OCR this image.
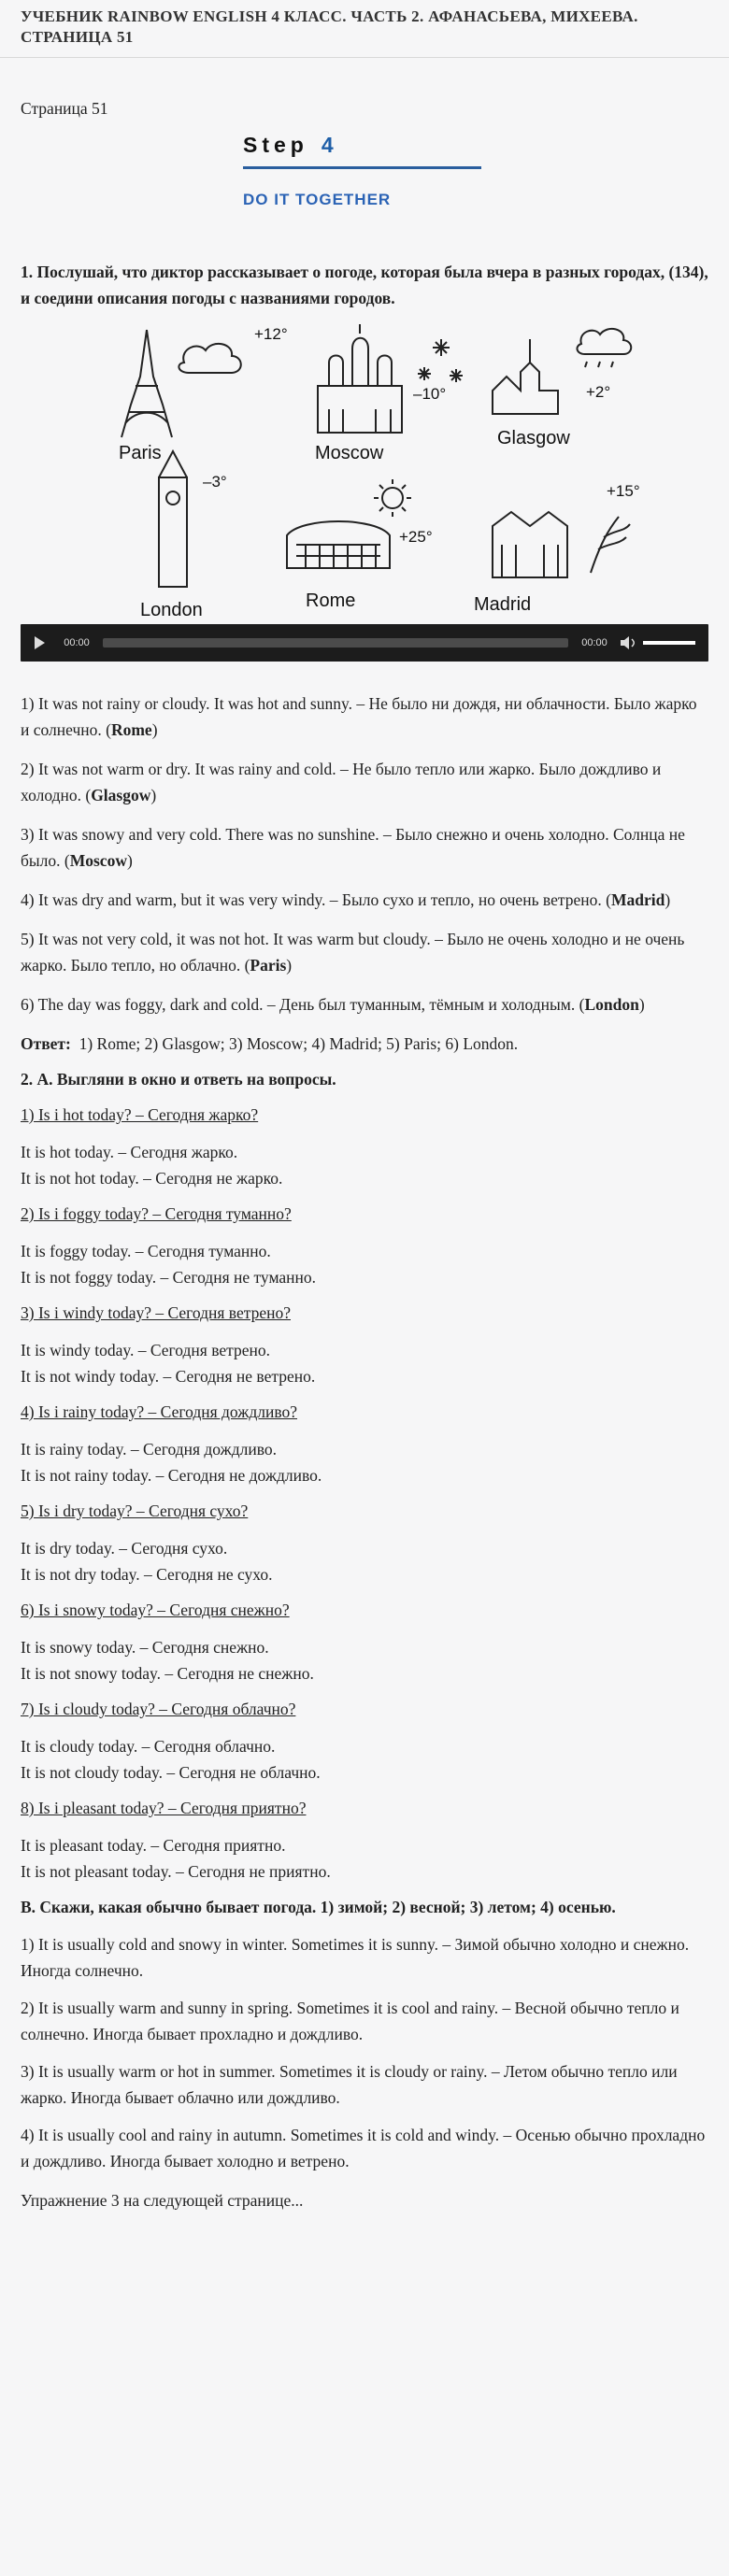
УЧЕБНИК RAINBOW ENGLISH 4 КЛАСС. ЧАСТЬ 2. АФАНАСЬЕВА, МИХЕЕВА. СТРАНИЦА 51

Страница 51

Step 4
DO IT TOGETHER

1. Послушай, что диктор рассказывает о погоде, которая была вчера в разных городах, (134), и соедини описания погоды с названиями городов.

Paris	Moscow
Glasgow
London	Rome	Madrid
+12°
–10°	+2°
–3°
+25°
+15°
00:00	00:00

1) It was not rainy or cloudy. It was hot and sunny. – Не было ни дождя, ни облачности. Было жарко и солнечно. (Rome)

2) It was not warm or dry. It was rainy and cold. – Не было тепло или жарко. Было дождливо и холодно. (Glasgow)

3) It was snowy and very cold. There was no sunshine. – Было снежно и очень холодно. Солнца не было. (Moscow)

4) It was dry and warm, but it was very windy. – Было сухо и тепло, но очень ветрено. (Madrid)

5) It was not very cold, it was not hot. It was warm but cloudy. – Было не очень холодно и не очень жарко. Было тепло, но облачно. (Paris)

6) The day was foggy, dark and cold. – День был туманным, тёмным и холодным. (London)

Ответ: 1) Rome; 2) Glasgow; 3) Moscow; 4) Madrid; 5) Paris; 6) London.

2. А. Выгляни в окно и ответь на вопросы.

1) Is i hot today? – Сегодня жарко?

It is hot today. – Сегодня жарко.

It is not hot today. – Сегодня не жарко.

2) Is i foggy today? – Сегодня туманно?

It is foggy today. – Сегодня туманно.

It is not foggy today. – Сегодня не туманно.

3) Is i windy today? – Сегодня ветрено?

It is windy today. – Сегодня ветрено.

It is not windy today. – Сегодня не ветрено.

4) Is i rainy today? – Сегодня дождливо?

It is rainy today. – Сегодня дождливо.

It is not rainy today. – Сегодня не дождливо.

5) Is i dry today? – Сегодня сухо?

It is dry today. – Сегодня сухо.

It is not dry today. – Сегодня не сухо.

6) Is i snowy today? – Сегодня снежно?

It is snowy today. – Сегодня снежно.

It is not snowy today. – Сегодня не снежно.

7) Is i cloudy today? – Сегодня облачно?

It is cloudy today. – Сегодня облачно.

It is not cloudy today. – Сегодня не облачно.

8) Is i pleasant today? – Сегодня приятно?

It is pleasant today. – Сегодня приятно.

It is not pleasant today. – Сегодня не приятно.

В. Скажи, какая обычно бывает погода. 1) зимой; 2) весной; 3) летом; 4) осенью.

1) It is usually cold and snowy in winter. Sometimes it is sunny. – Зимой обычно холодно и снежно. Иногда солнечно.

2) It is usually warm and sunny in spring. Sometimes it is cool and rainy. – Весной обычно тепло и солнечно. Иногда бывает прохладно и дождливо.

3) It is usually warm or hot in summer. Sometimes it is cloudy or rainy. – Летом обычно тепло или жарко. Иногда бывает облачно или дождливо.

4) It is usually cool and rainy in autumn. Sometimes it is cold and windy. – Осенью обычно прохладно и дождливо. Иногда бывает холодно и ветрено.

Упражнение 3 на следующей странице...
